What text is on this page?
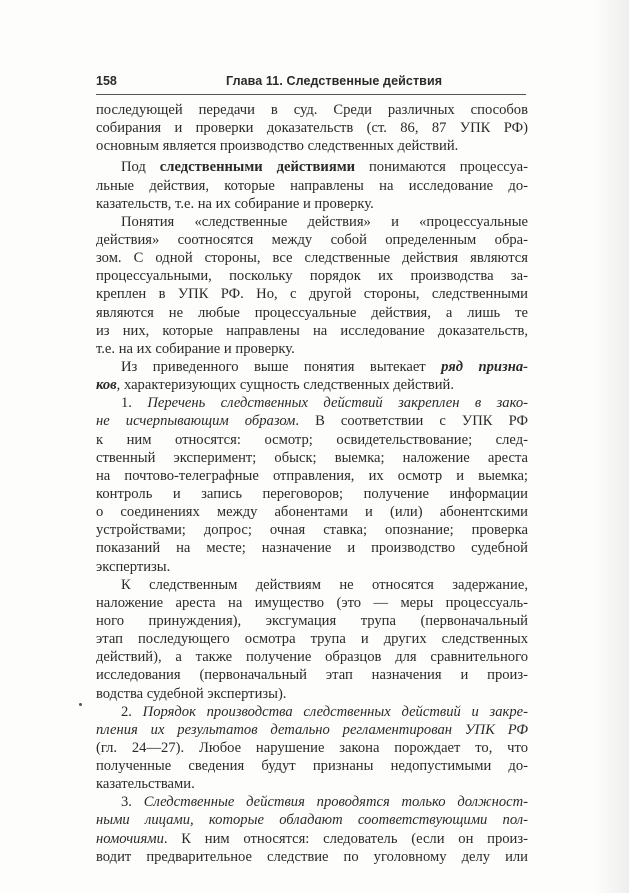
158	Глава 11. Следственные действия
последующей передачи в суд. Среди различных способов
собирания и проверки доказательств (ст. 86, 87 УПК РФ)
основным является производство следственных действий.
Под следственными действиями понимаются процессуа-
льные действия, которые направлены на исследование до-
казательств, т.е. на их собирание и проверку.
Понятия «следственные действия» и «процессуальные
действия» соотносятся между собой определенным обра-
зом. С одной стороны, все следственные действия являются
процессуальными, поскольку порядок их производства за-
креплен в УПК РФ. Но, с другой стороны, следственными
являются не любые процессуальные действия, а лишь те
из них, которые направлены на исследование доказательств,
т.е. на их собирание и проверку.
Из приведенного выше понятия вытекает ряд призна-
ков, характеризующих сущность следственных действий.
1. Перечень следственных действий закреплен в зако-
не исчерпывающим образом. В соответствии с УПК РФ
к ним относятся: осмотр; освидетельствование; след-
ственный эксперимент; обыск; выемка; наложение ареста
на почтово-телеграфные отправления, их осмотр и выемка;
контроль и запись переговоров; получение информации
о соединениях между абонентами и (или) абонентскими
устройствами; допрос; очная ставка; опознание; проверка
показаний на месте; назначение и производство судебной
экспертизы.
К следственным действиям не относятся задержание,
наложение ареста на имущество (это — меры процессуаль-
ного принуждения), эксгумация трупа (первоначальный
этап последующего осмотра трупа и других следственных
действий), а также получение образцов для сравнительного
исследования (первоначальный этап назначения и произ-
водства судебной экспертизы).
2. Порядок производства следственных действий и закре-
пления их результатов детально регламентирован УПК РФ
(гл. 24—27). Любое нарушение закона порождает то, что
полученные сведения будут признаны недопустимыми до-
казательствами.
3. Следственные действия проводятся только должност-
ными лицами, которые обладают соответствующими пол-
номочиями. К ним относятся: следователь (если он произ-
водит предварительное следствие по уголовному делу или
